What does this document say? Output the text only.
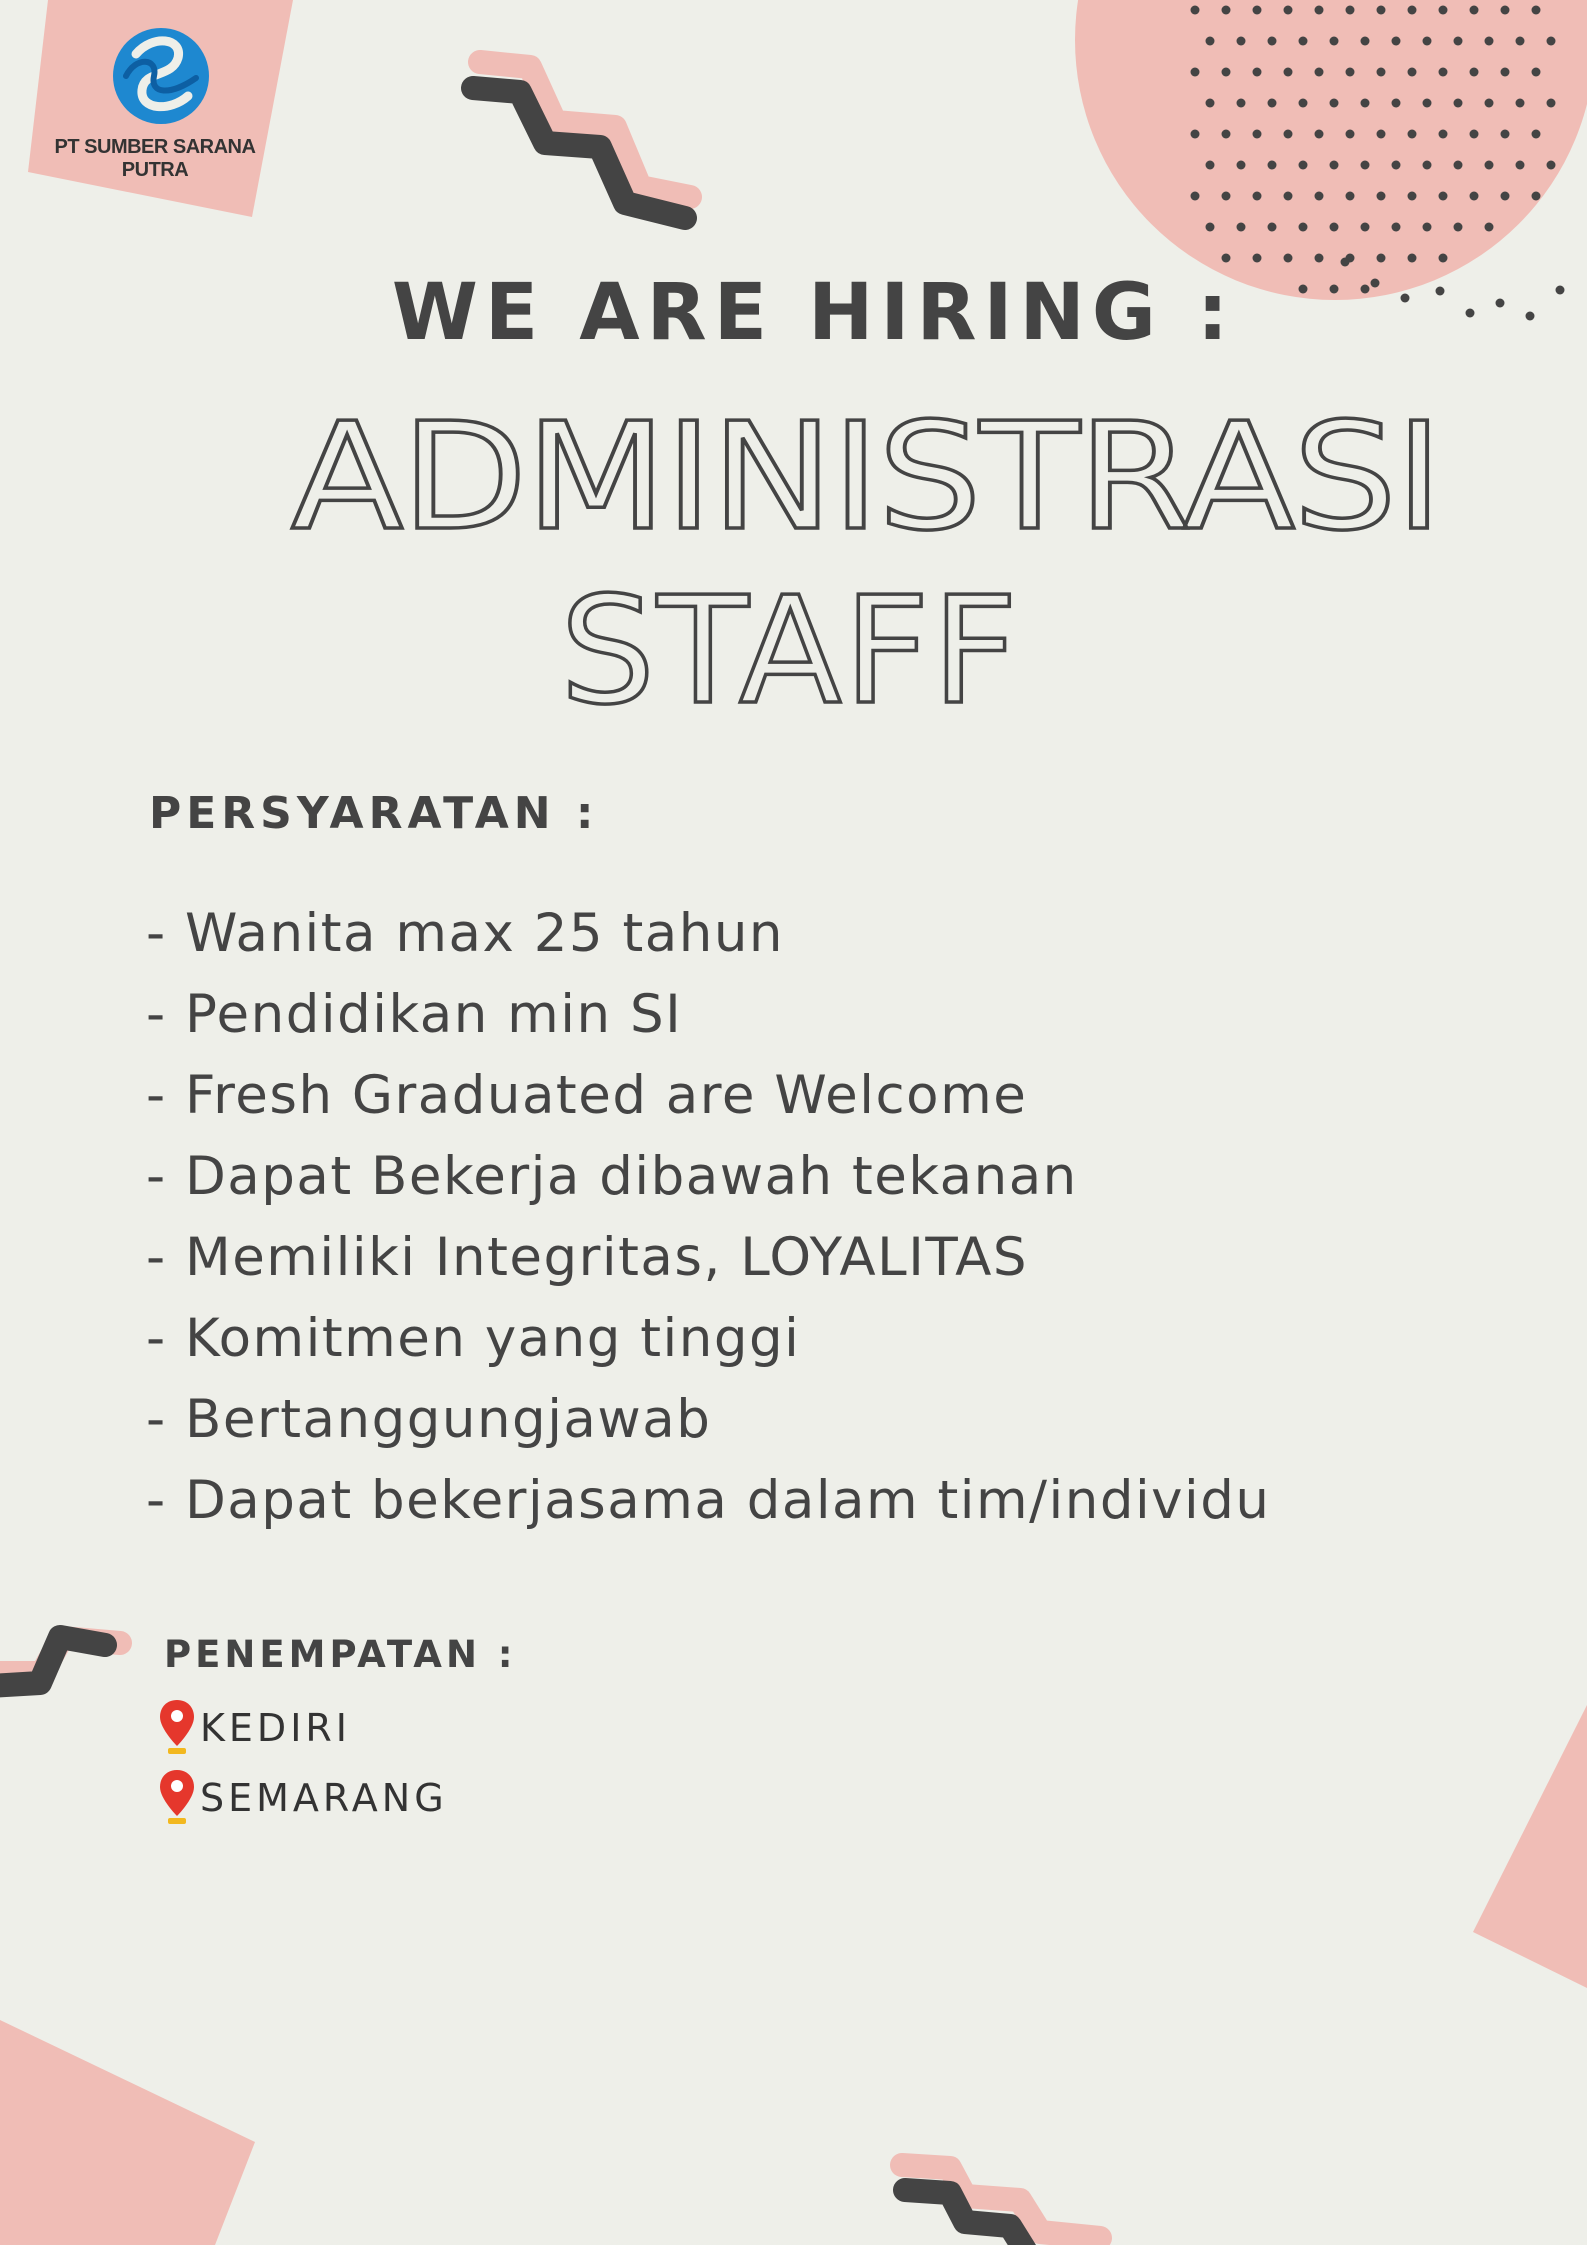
PT SUMBER SARANA
PUTRA
WE ARE HIRING :
ADMINISTRASI
STAFF
PERSYARATAN :
- Wanita max 25 tahun
- Pendidikan min SI
- Fresh Graduated are Welcome
- Dapat Bekerja dibawah tekanan
- Memiliki Integritas, LOYALITAS
- Komitmen yang tinggi
- Bertanggungjawab
- Dapat bekerjasama dalam tim/individu
PENEMPATAN :
KEDIRI
SEMARANG
